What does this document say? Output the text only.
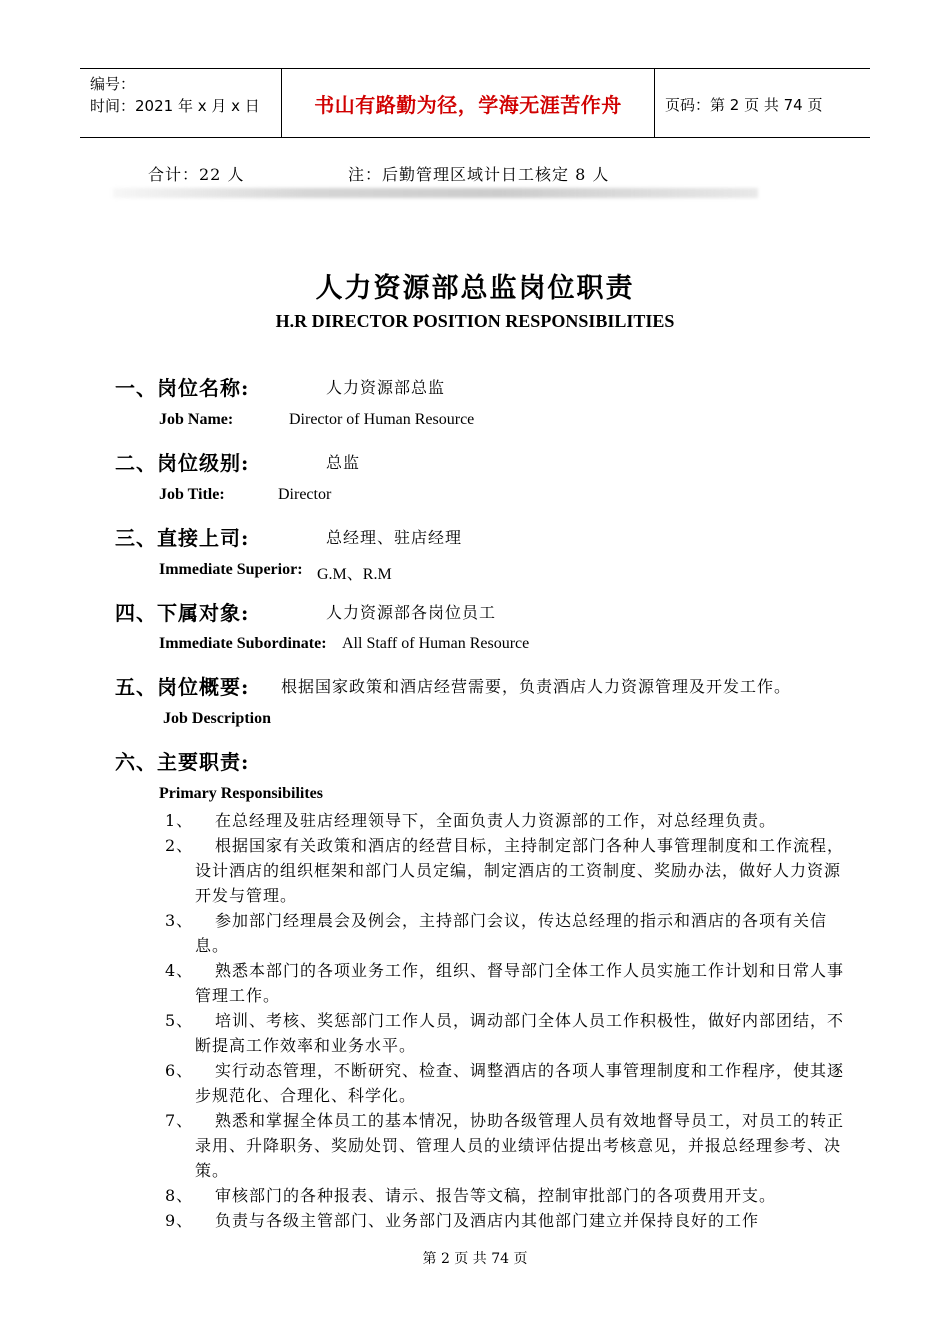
编号：
时间：2021 年 x 月 x 日	书山有路勤为径，学海无涯苦作舟	页码：第 2 页 共 74 页
合计：22 人	注：后勤管理区域计日工核定 8 人
人力资源部总监岗位职责
H.R DIRECTOR POSITION RESPONSIBILITIES
一、岗位名称:	人力资源部总监
Job Name:	Director of Human Resource
二、岗位级别:	总监
Job Title:	Director
三、直接上司:	总经理、驻店经理
Immediate Superior: G.M、R.M
四、下属对象:	人力资源部各岗位员工
Immediate Subordinate: All Staff of Human Resource
五、岗位概要: 根据国家政策和酒店经营需要，负责酒店人力资源管理及开发工作。
Job Description
六、主要职责:
Primary Responsibilites
1、	在总经理及驻店经理领导下，全面负责人力资源部的工作，对总经理负责。
2、	根据国家有关政策和酒店的经营目标，主持制定部门各种人事管理制度和工作流程，设计酒店的组织框架和部门人员定编，制定酒店的工资制度、奖励办法，做好人力资源开发与管理。
3、	参加部门经理晨会及例会，主持部门会议，传达总经理的指示和酒店的各项有关信息。
4、	熟悉本部门的各项业务工作，组织、督导部门全体工作人员实施工作计划和日常人事管理工作。
5、	培训、考核、奖惩部门工作人员，调动部门全体人员工作积极性，做好内部团结，不断提高工作效率和业务水平。
6、	实行动态管理，不断研究、检查、调整酒店的各项人事管理制度和工作程序，使其逐步规范化、合理化、科学化。
7、	熟悉和掌握全体员工的基本情况，协助各级管理人员有效地督导员工，对员工的转正录用、升降职务、奖励处罚、管理人员的业绩评估提出考核意见，并报总经理参考、决策。
8、	审核部门的各种报表、请示、报告等文稿，控制审批部门的各项费用开支。
9、	负责与各级主管部门、业务部门及酒店内其他部门建立并保持良好的工作
第 2 页 共 74 页
